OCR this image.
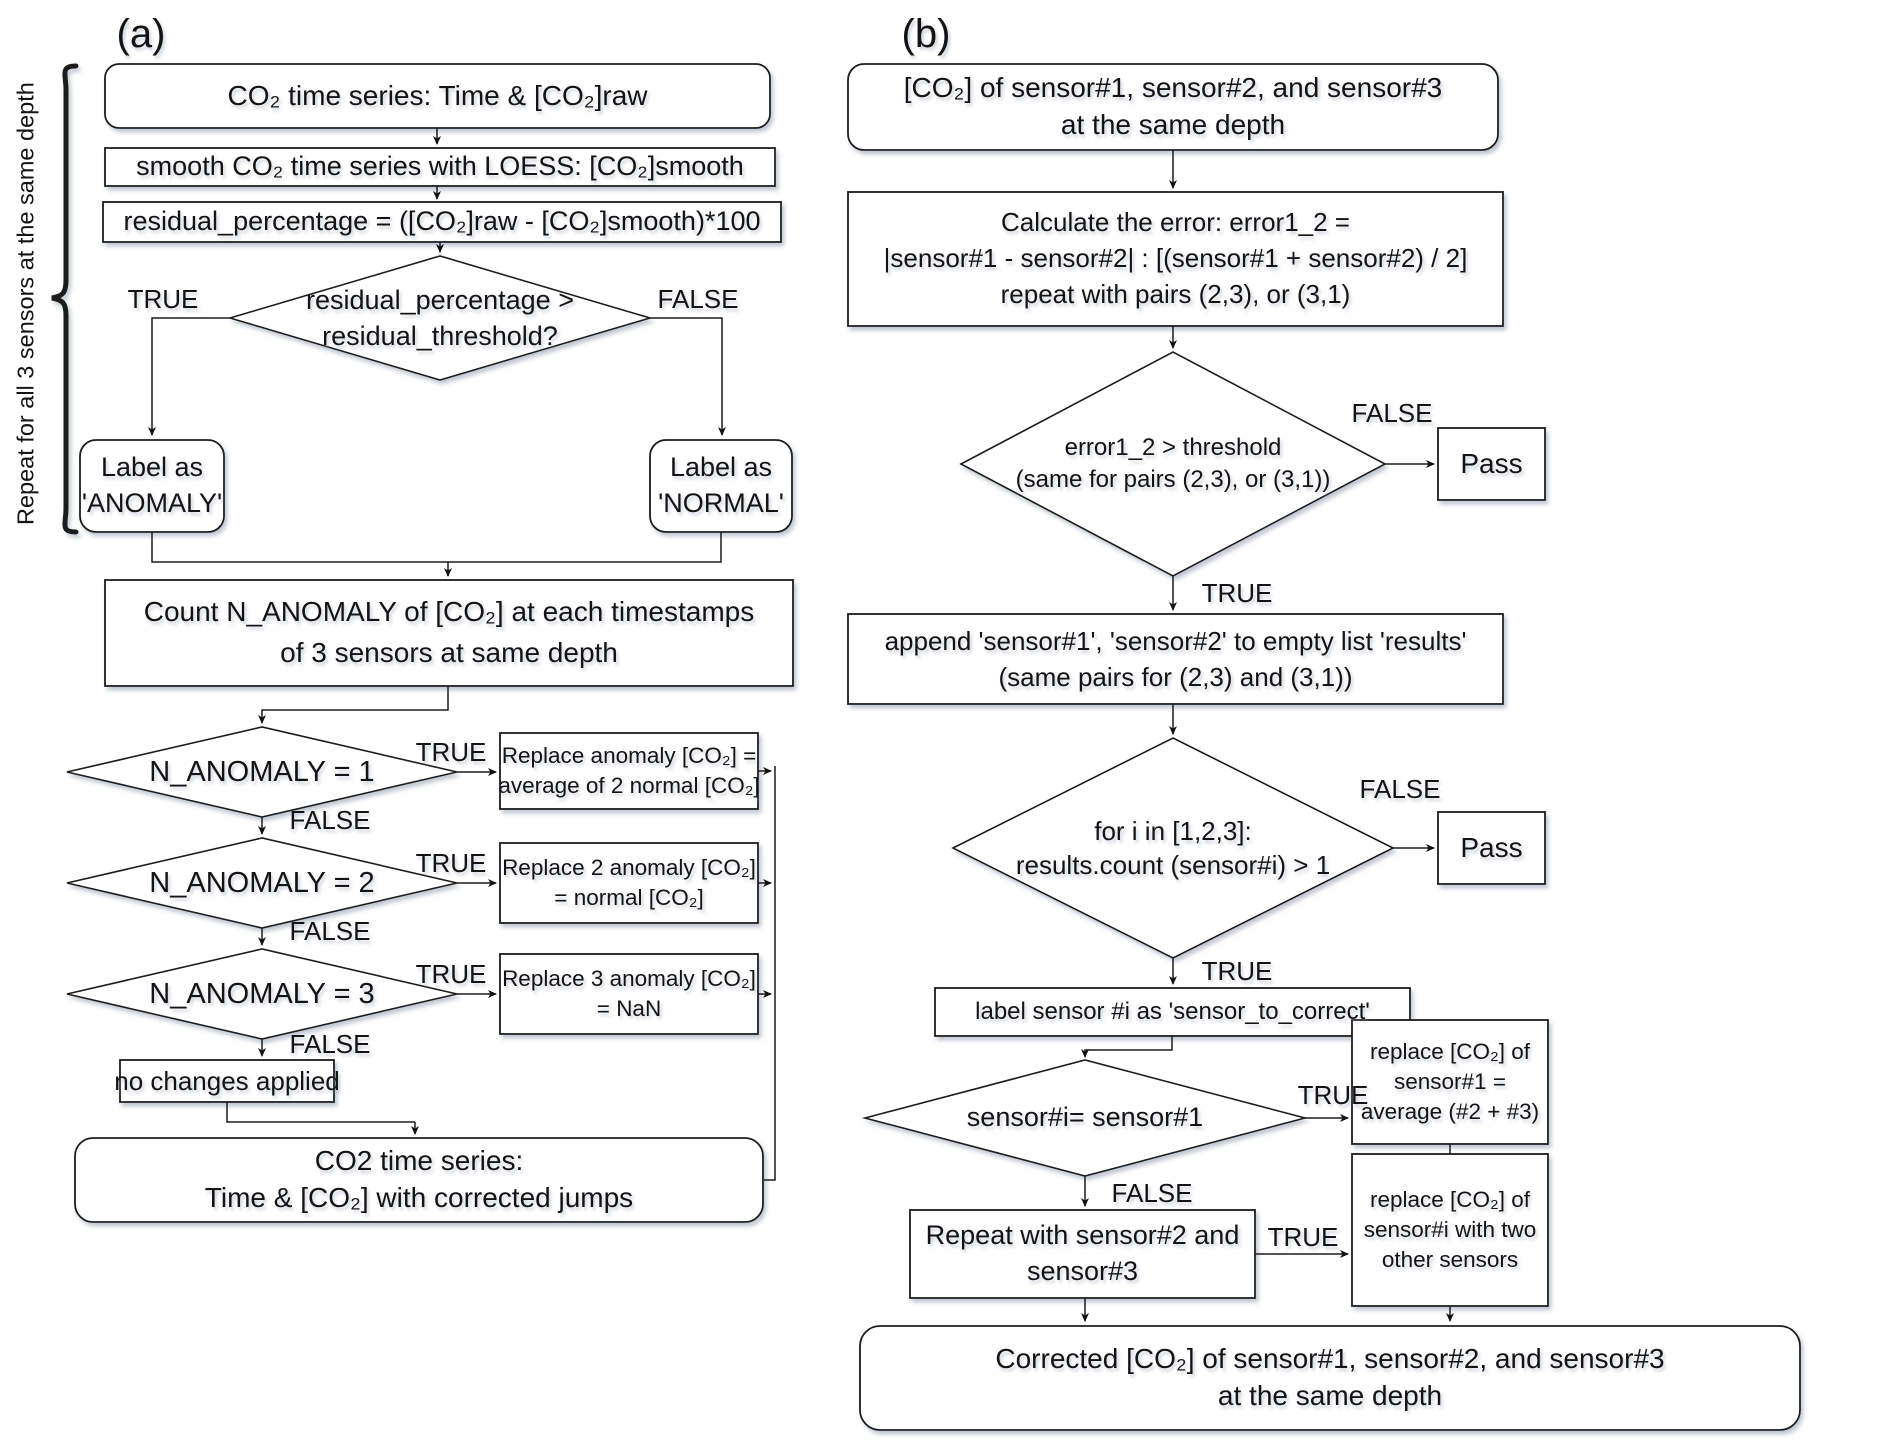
Repeat for all 3 sensors at the same depth
(a)
CO₂ time series: Time & [CO₂]raw
smooth CO₂ time series with LOESS: [CO₂]smooth
residual_percentage = ([CO₂]raw - [CO₂]smooth)*100
residual_percentage >
residual_threshold?
TRUE	FALSE
Label as
'ANOMALY'
Label as
'NORMAL'
Count N_ANOMALY of [CO₂] at each timestamps
of 3 sensors at same depth
N_ANOMALY = 1
N_ANOMALY = 2
N_ANOMALY = 3
TRUE
TRUE
TRUE
FALSE
FALSE
FALSE
Replace anomaly [CO₂] =
average of 2 normal [CO₂]
Replace 2 anomaly [CO₂]
= normal [CO₂]
Replace 3 anomaly [CO₂]
= NaN
no changes applied
CO2 time series:
Time & [CO₂] with corrected jumps
(b)
[CO₂] of sensor#1, sensor#2, and sensor#3
at the same depth
Calculate the error: error1_2 =
|sensor#1 - sensor#2| : [(sensor#1 + sensor#2) / 2]
repeat with pairs (2,3), or (3,1)
error1_2 > threshold
(same for pairs (2,3), or (3,1))
FALSE
Pass
TRUE
append 'sensor#1', 'sensor#2' to empty list 'results'
(same pairs for (2,3) and (3,1))
for i in [1,2,3]:
results.count (sensor#i) > 1
FALSE
Pass
TRUE
label sensor #i as 'sensor_to_correct'
sensor#i= sensor#1
TRUE
FALSE
replace [CO₂] of
sensor#1 =
average (#2 + #3)
Repeat with sensor#2 and
sensor#3
TRUE
replace [CO₂] of
sensor#i with two
other sensors
Corrected [CO₂] of sensor#1, sensor#2, and sensor#3
at the same depth
